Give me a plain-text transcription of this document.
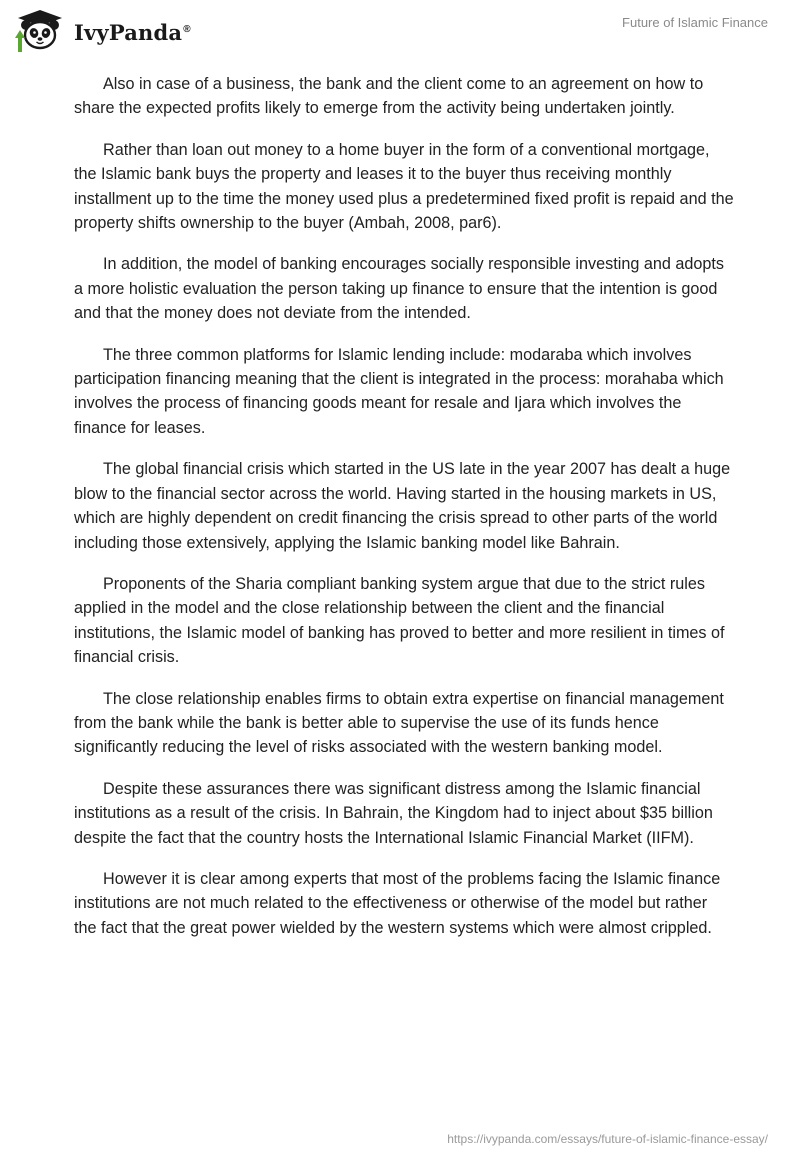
IvyPanda®	Future of Islamic Finance

Also in case of a business, the bank and the client come to an agreement on how to share the expected profits likely to emerge from the activity being undertaken jointly.

Rather than loan out money to a home buyer in the form of a conventional mortgage, the Islamic bank buys the property and leases it to the buyer thus receiving monthly installment up to the time the money used plus a predetermined fixed profit is repaid and the property shifts ownership to the buyer (Ambah, 2008, par6).

In addition, the model of banking encourages socially responsible investing and adopts a more holistic evaluation the person taking up finance to ensure that the intention is good and that the money does not deviate from the intended.

The three common platforms for Islamic lending include: modaraba which involves participation financing meaning that the client is integrated in the process: morahaba which involves the process of financing goods meant for resale and Ijara which involves the finance for leases.

The global financial crisis which started in the US late in the year 2007 has dealt a huge blow to the financial sector across the world. Having started in the housing markets in US, which are highly dependent on credit financing the crisis spread to other parts of the world including those extensively, applying the Islamic banking model like Bahrain.

Proponents of the Sharia compliant banking system argue that due to the strict rules applied in the model and the close relationship between the client and the financial institutions, the Islamic model of banking has proved to better and more resilient in times of financial crisis.

The close relationship enables firms to obtain extra expertise on financial management from the bank while the bank is better able to supervise the use of its funds hence significantly reducing the level of risks associated with the western banking model.

Despite these assurances there was significant distress among the Islamic financial institutions as a result of the crisis. In Bahrain, the Kingdom had to inject about $35 billion despite the fact that the country hosts the International Islamic Financial Market (IIFM).

However it is clear among experts that most of the problems facing the Islamic finance institutions are not much related to the effectiveness or otherwise of the model but rather the fact that the great power wielded by the western systems which were almost crippled.

https://ivypanda.com/essays/future-of-islamic-finance-essay/
